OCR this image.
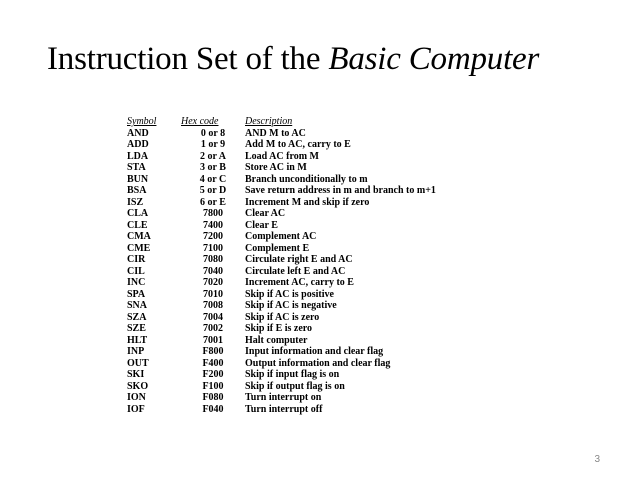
Instruction Set of the Basic Computer
Symbol	Hex code	Description
AND	0 or 8	AND M to AC
ADD	1 or 9	Add M to AC, carry to E
LDA	2 or A	Load AC from M
STA	3 or B	Store AC in M
BUN	4 or C	Branch unconditionally to m
BSA	5 or D	Save return address in m and branch to m+1
ISZ	6 or E	Increment M and skip if zero
CLA	7800	Clear AC
CLE	7400	Clear E
CMA	7200	Complement AC
CME	7100	Complement E
CIR	7080	Circulate right E and AC
CIL	7040	Circulate left E and AC
INC	7020	Increment AC, carry to E
SPA	7010	Skip if AC is positive
SNA	7008	Skip if AC is negative
SZA	7004	Skip if AC is zero
SZE	7002	Skip if E is zero
HLT	7001	Halt computer
INP	F800	Input information and clear flag
OUT	F400	Output information and clear flag
SKI	F200	Skip if input flag is on
SKO	F100	Skip if output flag is on
ION	F080	Turn interrupt on
IOF	F040	Turn interrupt off
3
